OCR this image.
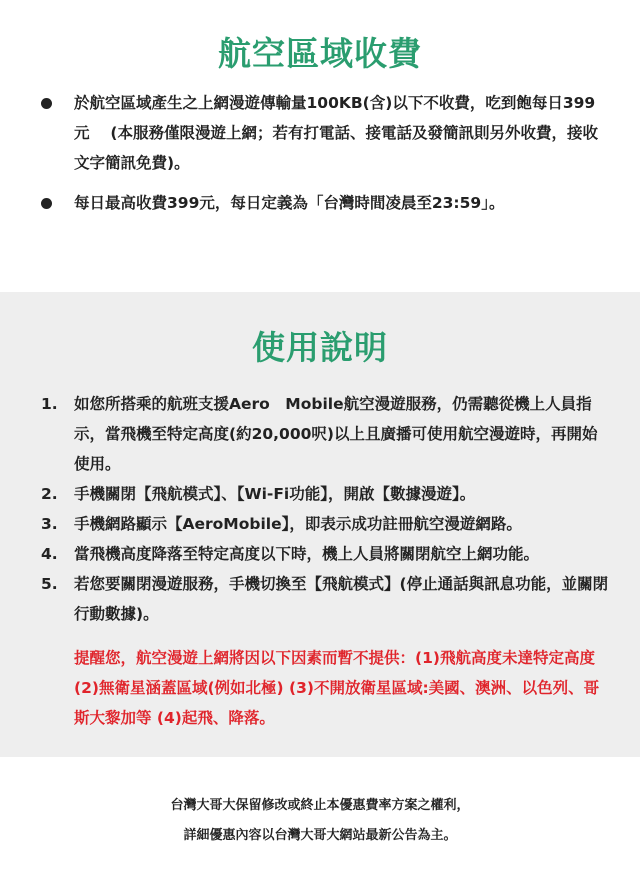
航空區域收費
於航空區域產生之上網漫遊傳輸量100KB(含)以下不收費，吃到飽每日399元　 (本服務僅限漫遊上網；若有打電話、接電話及發簡訊則另外收費，接收文字簡訊免費)。
每日最高收費399元，每日定義為「台灣時間凌晨至23:59」。
使用說明
1.	如您所搭乘的航班支援Aero　Mobile航空漫遊服務，仍需聽從機上人員指示，當飛機至特定高度(約20,000呎)以上且廣播可使用航空漫遊時，再開始使用。
2.	手機關閉【飛航模式】、【Wi-Fi功能】，開啟【數據漫遊】。
3.	手機網路顯示【AeroMobile】，即表示成功註冊航空漫遊網路。
4.	當飛機高度降落至特定高度以下時，機上人員將關閉航空上網功能。
5.	若您要關閉漫遊服務，手機切換至【飛航模式】(停止通話與訊息功能，並關閉行動數據)。

提醒您，航空漫遊上網將因以下因素而暫不提供：(1)飛航高度未達特定高度 (2)無衛星涵蓋區域(例如北極) (3)不開放衛星區域:美國、澳洲、以色列、哥斯大黎加等 (4)起飛、降落。

台灣大哥大保留修改或終止本優惠費率方案之權利，
詳細優惠內容以台灣大哥大網站最新公告為主。
